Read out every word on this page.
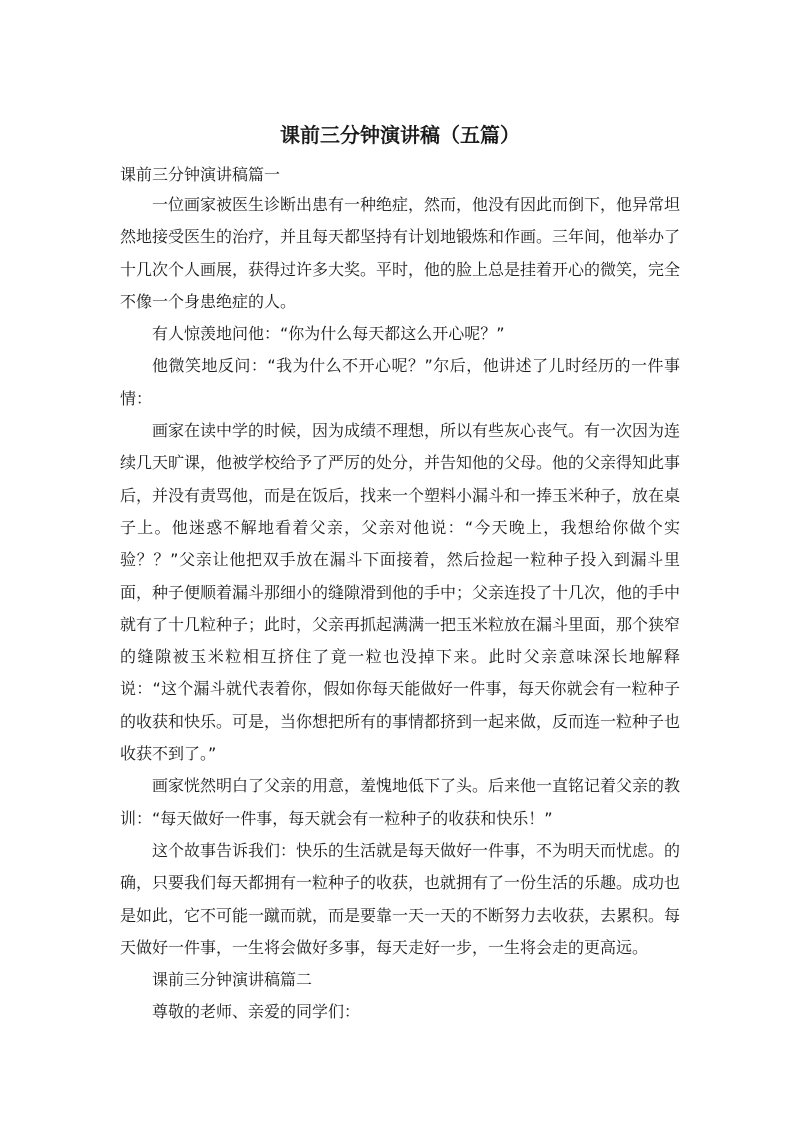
课前三分钟演讲稿（五篇）
课前三分钟演讲稿篇一

一位画家被医生诊断出患有一种绝症，然而，他没有因此而倒下，他异常坦然地接受医生的治疗，并且每天都坚持有计划地锻炼和作画。三年间，他举办了十几次个人画展，获得过许多大奖。平时，他的脸上总是挂着开心的微笑，完全不像一个身患绝症的人。

有人惊羡地问他：“你为什么每天都这么开心呢？”

他微笑地反问：“我为什么不开心呢？”尔后，他讲述了儿时经历的一件事情：

画家在读中学的时候，因为成绩不理想，所以有些灰心丧气。有一次因为连续几天旷课，他被学校给予了严厉的处分，并告知他的父母。他的父亲得知此事后，并没有责骂他，而是在饭后，找来一个塑料小漏斗和一捧玉米种子，放在桌子上。他迷惑不解地看着父亲，父亲对他说：“今天晚上，我想给你做个实验？？”父亲让他把双手放在漏斗下面接着，然后捡起一粒种子投入到漏斗里面，种子便顺着漏斗那细小的缝隙滑到他的手中；父亲连投了十几次，他的手中就有了十几粒种子；此时，父亲再抓起满满一把玉米粒放在漏斗里面，那个狭窄的缝隙被玉米粒相互挤住了竟一粒也没掉下来。此时父亲意味深长地解释说：“这个漏斗就代表着你，假如你每天能做好一件事，每天你就会有一粒种子的收获和快乐。可是，当你想把所有的事情都挤到一起来做，反而连一粒种子也收获不到了。”

画家恍然明白了父亲的用意，羞愧地低下了头。后来他一直铭记着父亲的教训：“每天做好一件事，每天就会有一粒种子的收获和快乐！”

这个故事告诉我们：快乐的生活就是每天做好一件事，不为明天而忧虑。的确，只要我们每天都拥有一粒种子的收获，也就拥有了一份生活的乐趣。成功也是如此，它不可能一蹴而就，而是要靠一天一天的不断努力去收获，去累积。每天做好一件事，一生将会做好多事，每天走好一步，一生将会走的更高远。

课前三分钟演讲稿篇二

尊敬的老师、亲爱的同学们：
